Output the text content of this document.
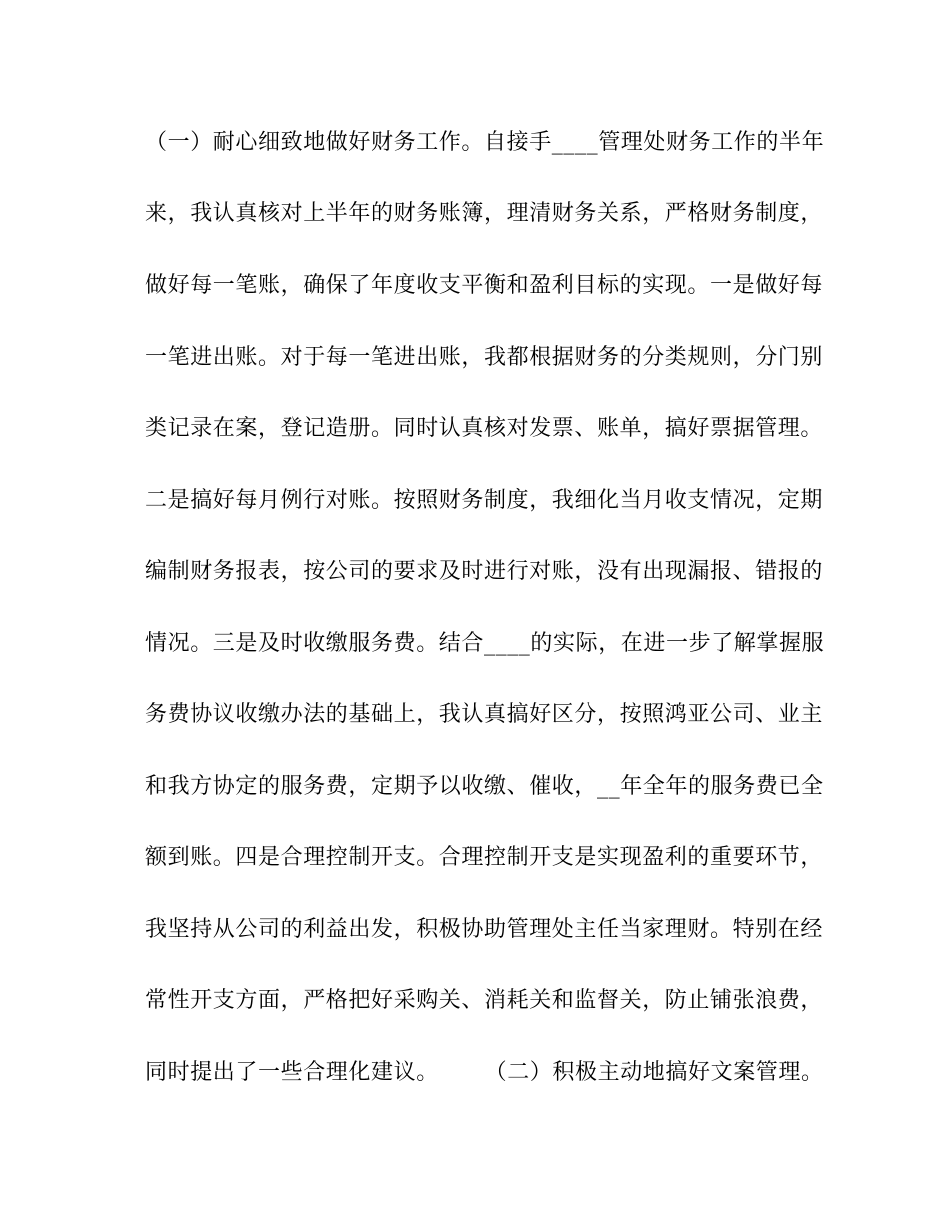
（一）耐心细致地做好财务工作。自接手____管理处财务工作的半年
来，我认真核对上半年的财务账簿，理清财务关系，严格财务制度，
做好每一笔账，确保了年度收支平衡和盈利目标的实现。一是做好每
一笔进出账。对于每一笔进出账，我都根据财务的分类规则，分门别
类记录在案，登记造册。同时认真核对发票、账单，搞好票据管理。
二是搞好每月例行对账。按照财务制度，我细化当月收支情况，定期
编制财务报表，按公司的要求及时进行对账，没有出现漏报、错报的
情况。三是及时收缴服务费。结合____的实际，在进一步了解掌握服
务费协议收缴办法的基础上，我认真搞好区分，按照鸿亚公司、业主
和我方协定的服务费，定期予以收缴、催收，__年全年的服务费已全
额到账。四是合理控制开支。合理控制开支是实现盈利的重要环节，
我坚持从公司的利益出发，积极协助管理处主任当家理财。特别在经
常性开支方面，严格把好采购关、消耗关和监督关，防止铺张浪费，
同时提出了一些合理化建议。　　　（二）积极主动地搞好文案管理。
